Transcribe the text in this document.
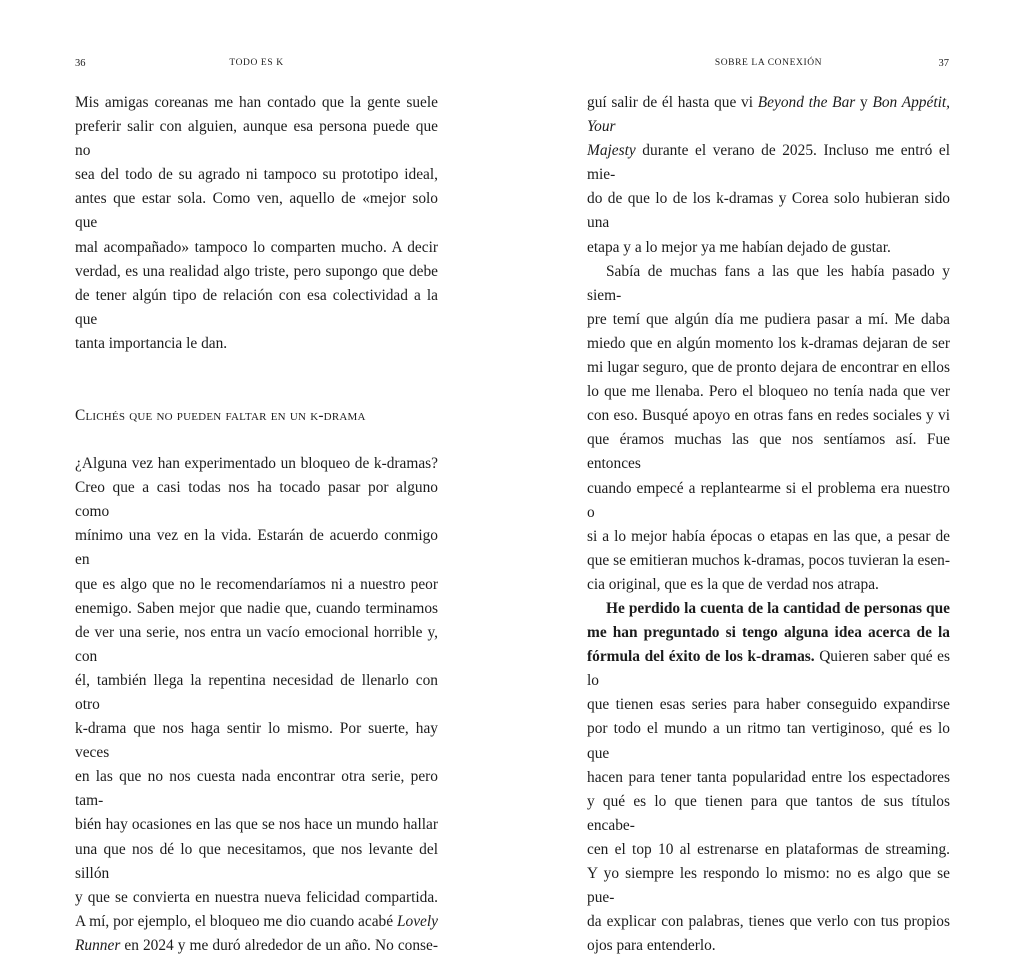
36	TODO ES K

Mis amigas coreanas me han contado que la gente suele
preferir salir con alguien, aunque esa persona puede que no
sea del todo de su agrado ni tampoco su prototipo ideal,
antes que estar sola. Como ven, aquello de «mejor solo que
mal acompañado» tampoco lo comparten mucho. A decir
verdad, es una realidad algo triste, pero supongo que debe
de tener algún tipo de relación con esa colectividad a la que
tanta importancia le dan.

Clichés que no pueden faltar en un k-drama

¿Alguna vez han experimentado un bloqueo de k-dramas?
Creo que a casi todas nos ha tocado pasar por alguno como
mínimo una vez en la vida. Estarán de acuerdo conmigo en
que es algo que no le recomendaríamos ni a nuestro peor
enemigo. Saben mejor que nadie que, cuando terminamos
de ver una serie, nos entra un vacío emocional horrible y, con
él, también llega la repentina necesidad de llenarlo con otro
k-drama que nos haga sentir lo mismo. Por suerte, hay veces
en las que no nos cuesta nada encontrar otra serie, pero tam-
bién hay ocasiones en las que se nos hace un mundo hallar
una que nos dé lo que necesitamos, que nos levante del sillón
y que se convierta en nuestra nueva felicidad compartida.
A mí, por ejemplo, el bloqueo me dio cuando acabé Lovely
Runner en 2024 y me duró alrededor de un año. No conse-

SOBRE LA CONEXIÓN	37

guí salir de él hasta que vi Beyond the Bar y Bon Appétit, Your
Majesty durante el verano de 2025. Incluso me entró el mie-
do de que lo de los k-dramas y Corea solo hubieran sido una
etapa y a lo mejor ya me habían dejado de gustar.

Sabía de muchas fans a las que les había pasado y siem-
pre temí que algún día me pudiera pasar a mí. Me daba
miedo que en algún momento los k-dramas dejaran de ser
mi lugar seguro, que de pronto dejara de encontrar en ellos
lo que me llenaba. Pero el bloqueo no tenía nada que ver
con eso. Busqué apoyo en otras fans en redes sociales y vi
que éramos muchas las que nos sentíamos así. Fue entonces
cuando empecé a replantearme si el problema era nuestro o
si a lo mejor había épocas o etapas en las que, a pesar de
que se emitieran muchos k-dramas, pocos tuvieran la esen-
cia original, que es la que de verdad nos atrapa.

He perdido la cuenta de la cantidad de personas que
me han preguntado si tengo alguna idea acerca de la
fórmula del éxito de los k-dramas. Quieren saber qué es lo
que tienen esas series para haber conseguido expandirse
por todo el mundo a un ritmo tan vertiginoso, qué es lo que
hacen para tener tanta popularidad entre los espectadores
y qué es lo que tienen para que tantos de sus títulos encabe-
cen el top 10 al estrenarse en plataformas de streaming.
Y yo siempre les respondo lo mismo: no es algo que se pue-
da explicar con palabras, tienes que verlo con tus propios
ojos para entenderlo.
